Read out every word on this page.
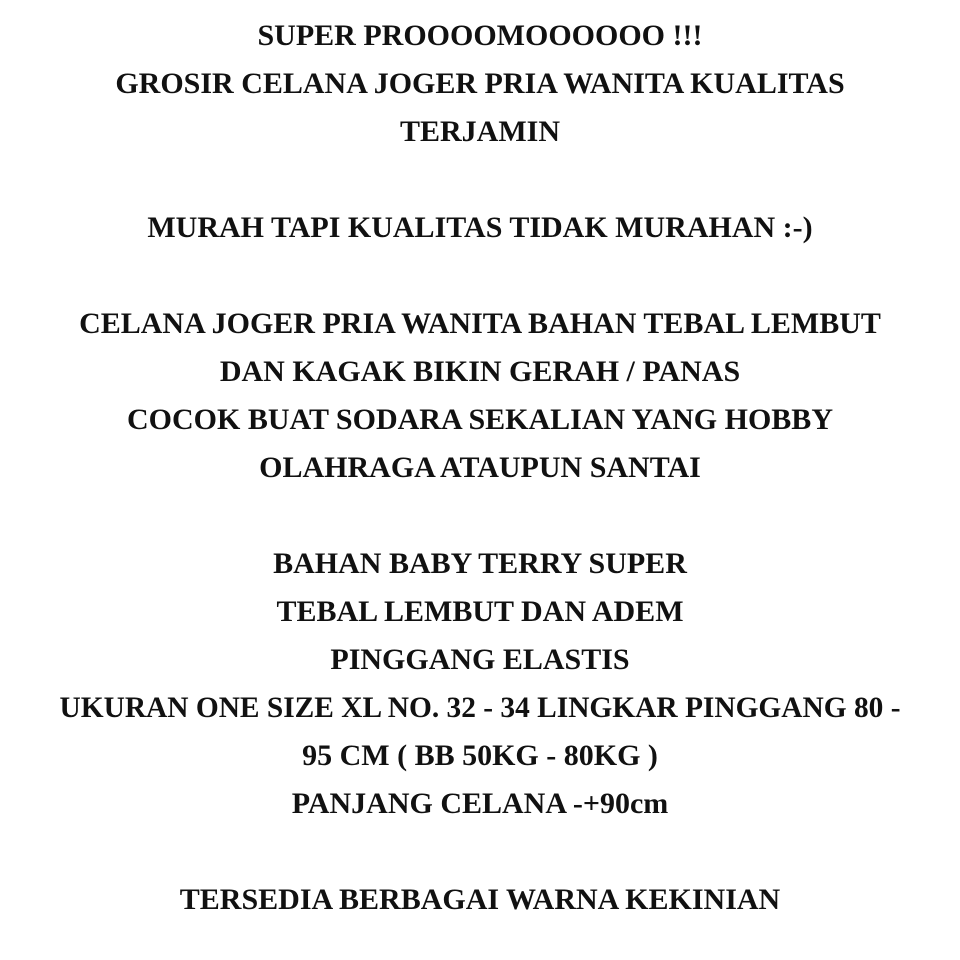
SUPER PROOOOMOOOOOO !!!
GROSIR CELANA JOGER PRIA WANITA KUALITAS
TERJAMIN
MURAH TAPI KUALITAS TIDAK MURAHAN :-)
CELANA JOGER PRIA WANITA BAHAN TEBAL LEMBUT
DAN KAGAK BIKIN GERAH / PANAS
COCOK BUAT SODARA SEKALIAN YANG HOBBY
OLAHRAGA ATAUPUN SANTAI
BAHAN BABY TERRY SUPER
TEBAL LEMBUT DAN ADEM
PINGGANG ELASTIS
UKURAN ONE SIZE XL NO. 32 - 34 LINGKAR PINGGANG 80 -
95 CM ( BB 50KG - 80KG )
PANJANG CELANA -+90cm
TERSEDIA BERBAGAI WARNA KEKINIAN
